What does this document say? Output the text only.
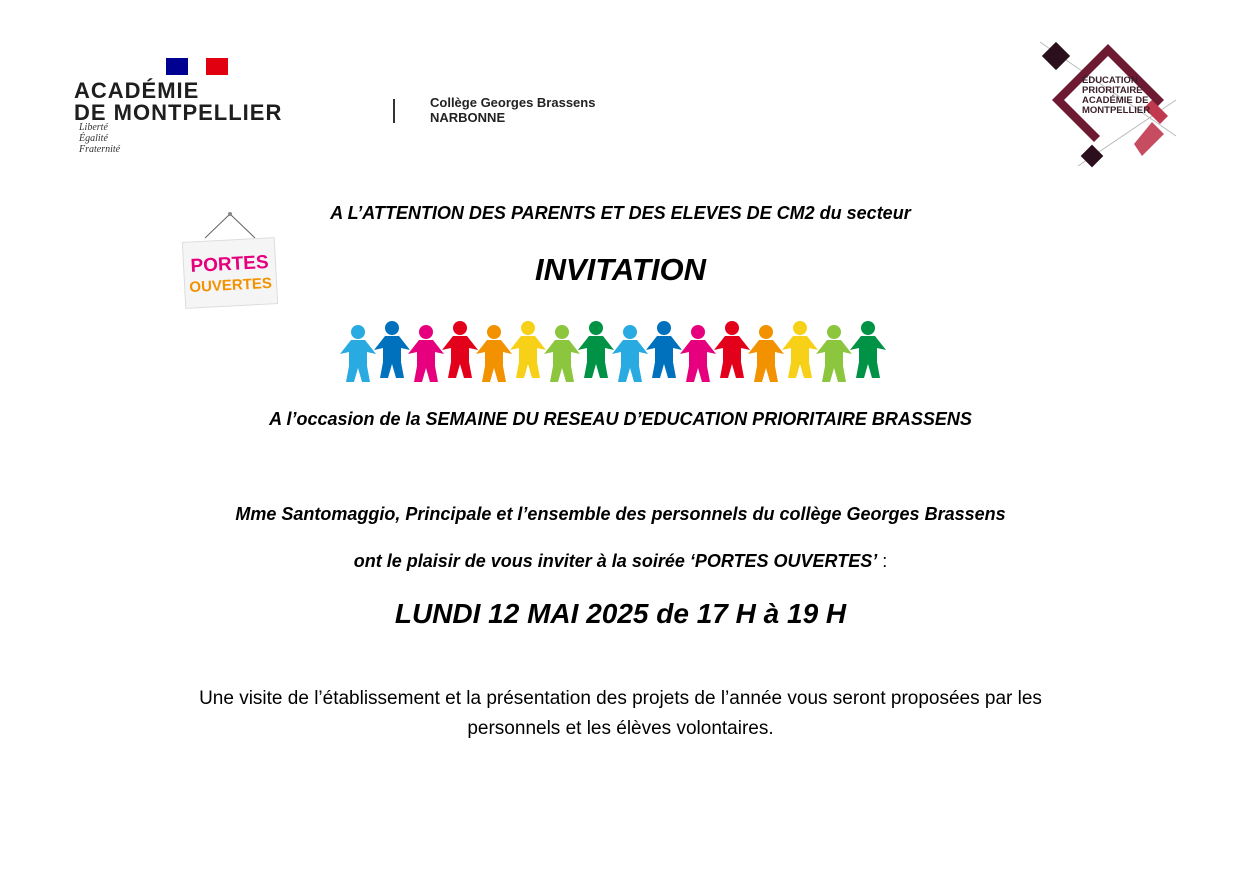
ACADÉMIE
DE MONTPELLIER
Liberté
Égalité
Fraternité
Collège Georges Brassens
NARBONNE
ÉDUCATION
PRIORITAIRE
ACADÉMIE DE
MONTPELLIER
PORTES
OUVERTES
A L’ATTENTION DES PARENTS ET DES ELEVES DE CM2 du secteur
INVITATION
A l’occasion de la SEMAINE DU RESEAU D’EDUCATION PRIORITAIRE BRASSENS
Mme Santomaggio, Principale et l’ensemble des personnels du collège Georges Brassens
ont le plaisir de vous inviter à la soirée ‘PORTES OUVERTES’ :
LUNDI 12 MAI 2025 de 17 H à 19 H
Une visite de l’établissement et la présentation des projets de l’année vous seront proposées par les
personnels et les élèves volontaires.
